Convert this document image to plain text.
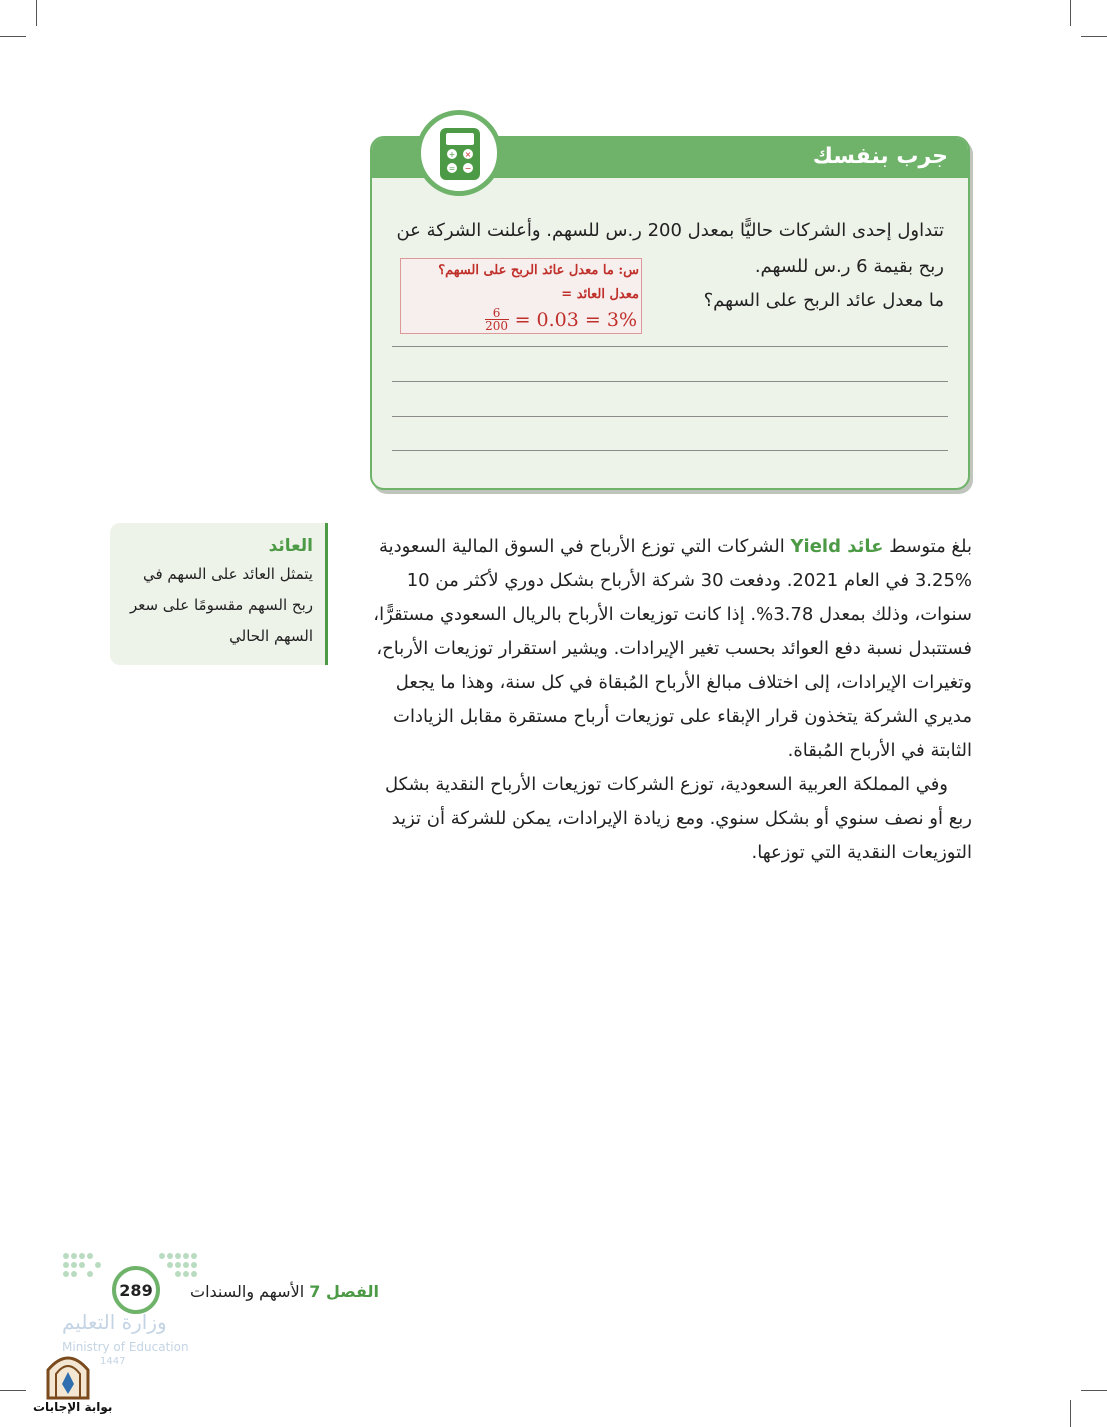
جرب بنفسك
تتداول إحدى الشركات حاليًّا بمعدل 200 ر.س للسهم. وأعلنت الشركة عن
ربح بقيمة 6 ر.س للسهم.
ما معدل عائد الربح على السهم؟
س: ما معدل عائد الربح على السهم؟
معدل العائد =
$\frac{6}{200} = 0.03 = 3\%$
+ ×
= −
بلغ متوسط عائد Yield الشركات التي توزع الأرباح في السوق المالية السعودية
3.25% في العام 2021. ودفعت 30 شركة الأرباح بشكل دوري لأكثر من 10
سنوات، وذلك بمعدل 3.78%. إذا كانت توزيعات الأرباح بالريال السعودي مستقرًّا،
فستتبدل نسبة دفع العوائد بحسب تغير الإيرادات. ويشير استقرار توزيعات الأرباح،
وتغيرات الإيرادات، إلى اختلاف مبالغ الأرباح المُبقاة في كل سنة، وهذا ما يجعل
مديري الشركة يتخذون قرار الإبقاء على توزيعات أرباح مستقرة مقابل الزيادات
الثابتة في الأرباح المُبقاة.
وفي المملكة العربية السعودية، توزع الشركات توزيعات الأرباح النقدية بشكل
ربع أو نصف سنوي أو بشكل سنوي. ومع زيادة الإيرادات، يمكن للشركة أن تزيد
التوزيعات النقدية التي توزعها.
العائد
يتمثل العائد على السهم في
ربح السهم مقسومًا على سعر
السهم الحالي
الفصل 7 الأسهم والسندات
289
وزارة التعليم
Ministry of Education
1447
بوابة الإجابات
